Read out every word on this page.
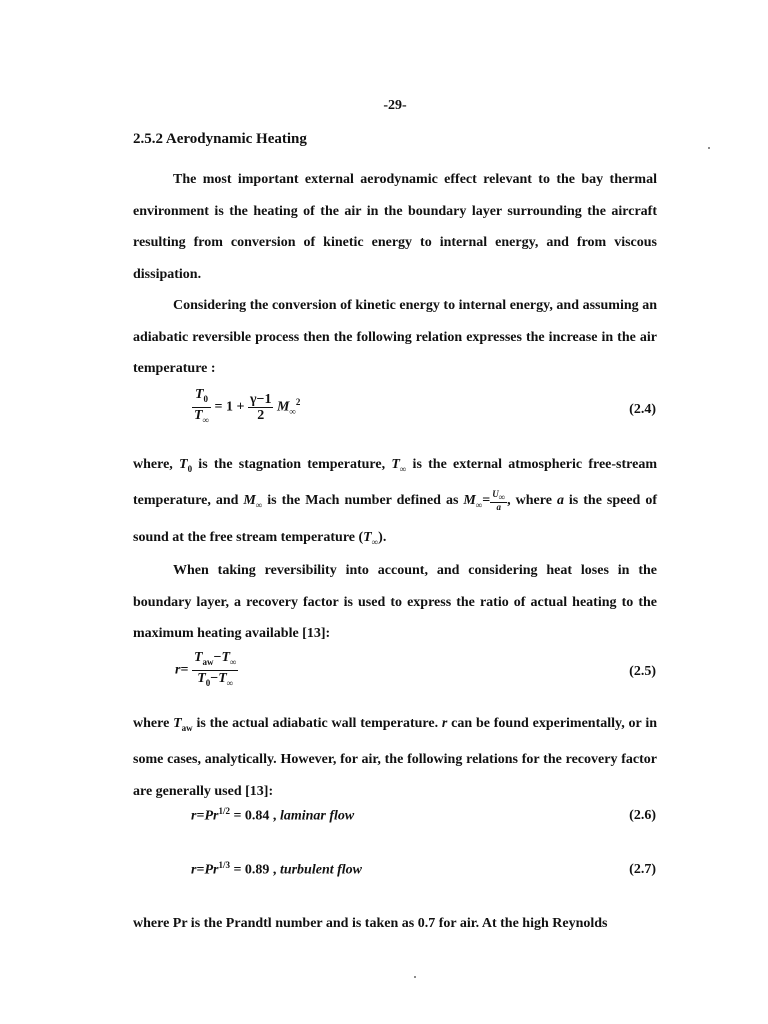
-29-
2.5.2 Aerodynamic Heating

The most important external aerodynamic effect relevant to the bay thermal environment is the heating of the air in the boundary layer surrounding the aircraft resulting from conversion of kinetic energy to internal energy, and from viscous dissipation.

Considering the conversion of kinetic energy to internal energy, and assuming an adiabatic reversible process then the following relation expresses the increase in the air temperature :

$\frac{T_0}{T_\infty} = 1 + \frac{\gamma-1}{2} M_\infty^2$
(2.4)

where, $T_0$ is the stagnation temperature, $T_\infty$ is the external atmospheric free-stream temperature, and $M_\infty$ is the Mach number defined as $M_\infty= \frac{U_\infty}{a}$ , where a is the speed of sound at the free stream temperature $(T_\infty)$.

When taking reversibility into account, and considering heat loses in the boundary layer, a recovery factor is used to express the ratio of actual heating to the maximum heating available [13]:

$r= \frac{T_{aw}-T_\infty}{T_0-T_\infty}$	(2.5)

where $T_{aw}$ is the actual adiabatic wall temperature. r can be found experimentally, or in some cases, analytically. However, for air, the following relations for the recovery factor are generally used [13]:

$r=Pr^{1/2} = 0.84$ , laminar flow	(2.6)
$r=Pr^{1/3} = 0.89$ , turbulent flow	(2.7)

where Pr is the Prandtl number and is taken as 0.7 for air. At the high Reynolds
